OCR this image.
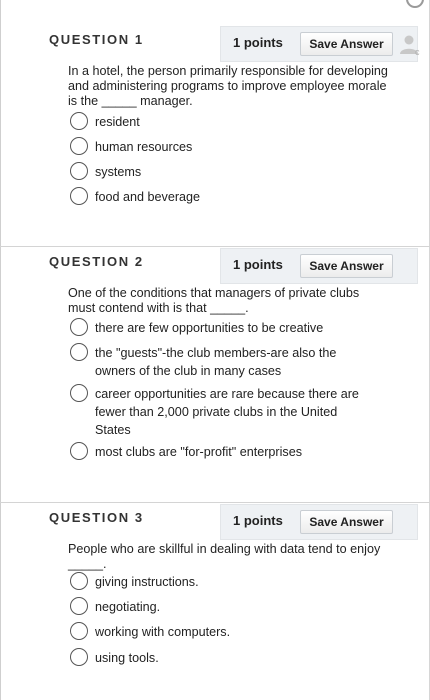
QUESTION 1	1 points	Save Answer
c
In a hotel, the person primarily responsible for developing and administering programs to improve employee morale is the _____ manager.
resident
human resources
systems
food and beverage
QUESTION 2	1 points	Save Answer
One of the conditions that managers of private clubs must contend with is that _____.
there are few opportunities to be creative
the "guests"-the club members-are also the owners of the club in many cases
career opportunities are rare because there are fewer than 2,000 private clubs in the United States
most clubs are "for-profit" enterprises
QUESTION 3	1 points	Save Answer
People who are skillful in dealing with data tend to enjoy _____.
giving instructions.
negotiating.
working with computers.
using tools.
